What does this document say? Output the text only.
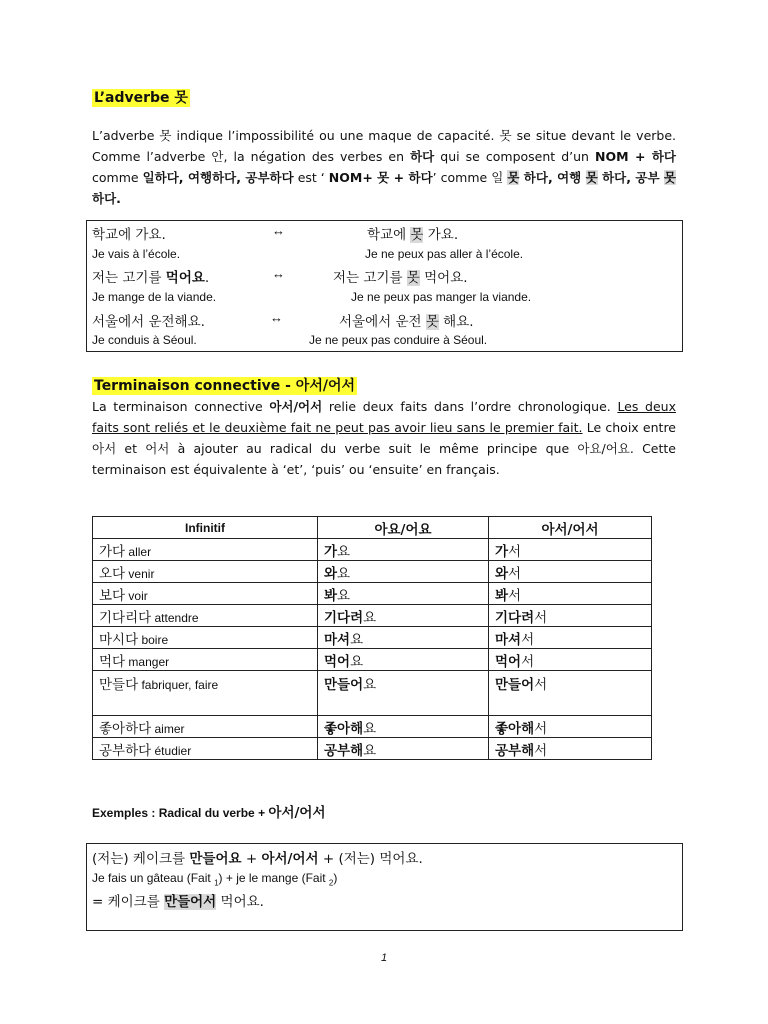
L’adverbe 못

L’adverbe 못 indique l’impossibilité ou une maque de capacité. 못 se situe devant le verbe. Comme l’adverbe 안, la négation des verbes en 하다 qui se composent d’un NOM + 하다 comme 일하다, 여행하다, 공부하다 est ‘ NOM+ 못 + 하다’ comme 일 못 하다, 여행 못 하다, 공부 못 하다.

학교에 가요.	↔	학교에 못 가요.
Je vais à l’école.	Je ne peux pas aller à l’école.
저는 고기를 먹어요.	↔	저는 고기를 못 먹어요.
Je mange de la viande.	Je ne peux pas manger la viande.
서울에서 운전해요.	↔	서울에서 운전 못 해요.
Je conduis à Séoul.	Je ne peux pas conduire à Séoul.
Terminaison connective - 아서/어서

La terminaison connective 아서/어서 relie deux faits dans l’ordre chronologique. Les deux faits sont reliés et le deuxième fait ne peut pas avoir lieu sans le premier fait. Le choix entre 아서 et 어서 à ajouter au radical du verbe suit le même principe que 아요/어요. Cette terminaison est équivalente à ‘et’, ‘puis’ ou ‘ensuite’ en français.

Infinitif	아요/어요	아서/어서
가다 aller	가요	가서
오다 venir	와요	와서
보다 voir	봐요	봐서
기다리다 attendre	기다려요	기다려서
마시다 boire	마셔요	마셔서
먹다 manger	먹어요	먹어서
만들다 fabriquer, faire	만들어요	만들어서
좋아하다 aimer	좋아해요	좋아해서
공부하다 étudier	공부해요	공부해서
Exemples : Radical du verbe + 아서/어서
(저는) 케이크를 만들어요 + 아서/어서 + (저는) 먹어요.
Je fais un gâteau (Fait $_1$) + je le mange (Fait $_2$)
= 케이크를 만들어서 먹어요.
1
